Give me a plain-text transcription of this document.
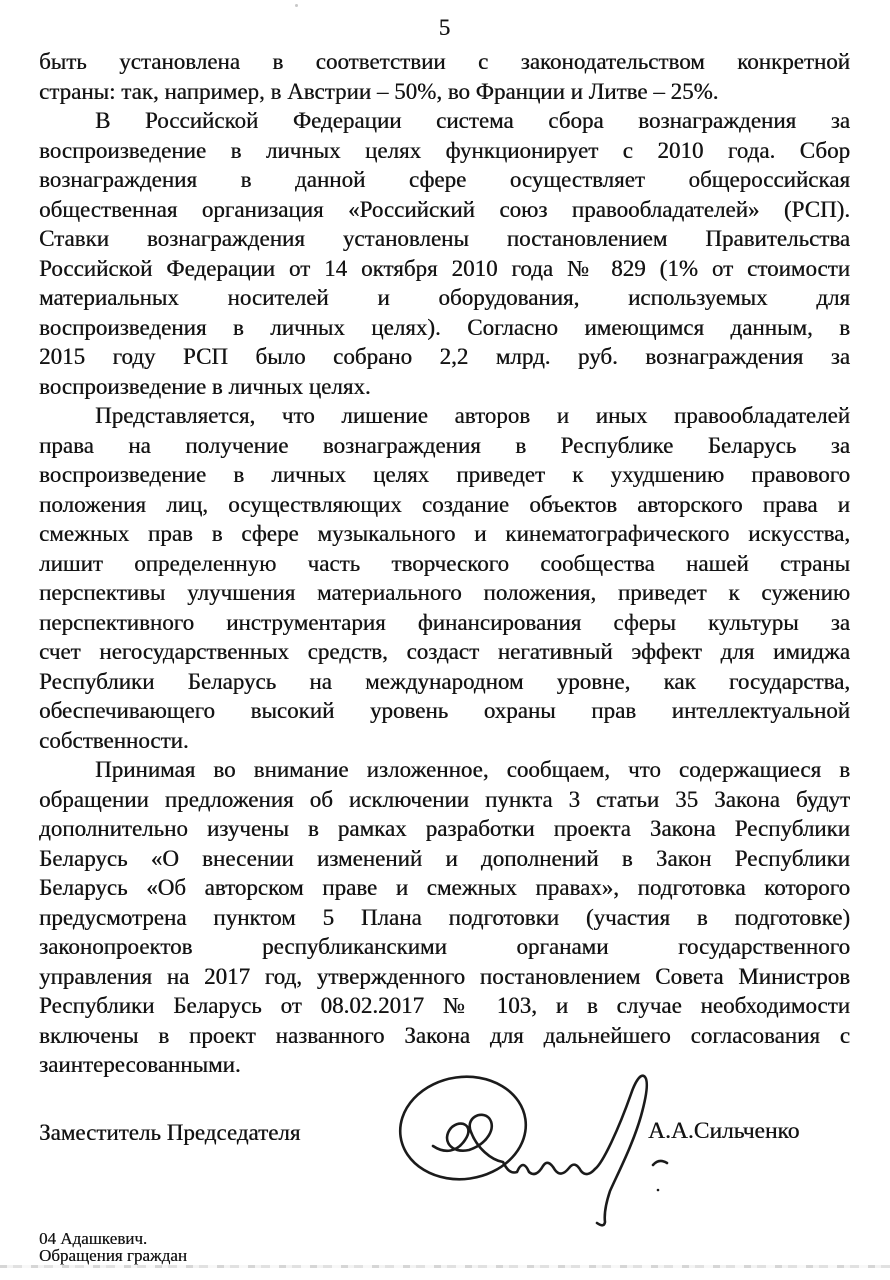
5
быть установлена в соответствии с законодательством конкретной
страны: так, например, в Австрии – 50%, во Франции и Литве – 25%.
В Российской Федерации система сбора вознаграждения за
воспроизведение в личных целях функционирует с 2010 года. Сбор
вознаграждения в данной сфере осуществляет общероссийская
общественная организация «Российский союз правообладателей» (РСП).
Ставки вознаграждения установлены постановлением Правительства
Российской Федерации от 14 октября 2010 года № 829 (1% от стоимости
материальных носителей и оборудования, используемых для
воспроизведения в личных целях). Согласно имеющимся данным, в
2015 году РСП было собрано 2,2 млрд. руб. вознаграждения за
воспроизведение в личных целях.
Представляется, что лишение авторов и иных правообладателей
права на получение вознаграждения в Республике Беларусь за
воспроизведение в личных целях приведет к ухудшению правового
положения лиц, осуществляющих создание объектов авторского права и
смежных прав в сфере музыкального и кинематографического искусства,
лишит определенную часть творческого сообщества нашей страны
перспективы улучшения материального положения, приведет к сужению
перспективного инструментария финансирования сферы культуры за
счет негосударственных средств, создаст негативный эффект для имиджа
Республики Беларусь на международном уровне, как государства,
обеспечивающего высокий уровень охраны прав интеллектуальной
собственности.
Принимая во внимание изложенное, сообщаем, что содержащиеся в
обращении предложения об исключении пункта 3 статьи 35 Закона будут
дополнительно изучены в рамках разработки проекта Закона Республики
Беларусь «О внесении изменений и дополнений в Закон Республики
Беларусь «Об авторском праве и смежных правах», подготовка которого
предусмотрена пунктом 5 Плана подготовки (участия в подготовке)
законопроектов республиканскими органами государственного
управления на 2017 год, утвержденного постановлением Совета Министров
Республики Беларусь от 08.02.2017 № 103, и в случае необходимости
включены в проект названного Закона для дальнейшего согласования с
заинтересованными.
Заместитель Председателя	А.А.Сильченко
04 Адашкевич.
Обращения граждан
